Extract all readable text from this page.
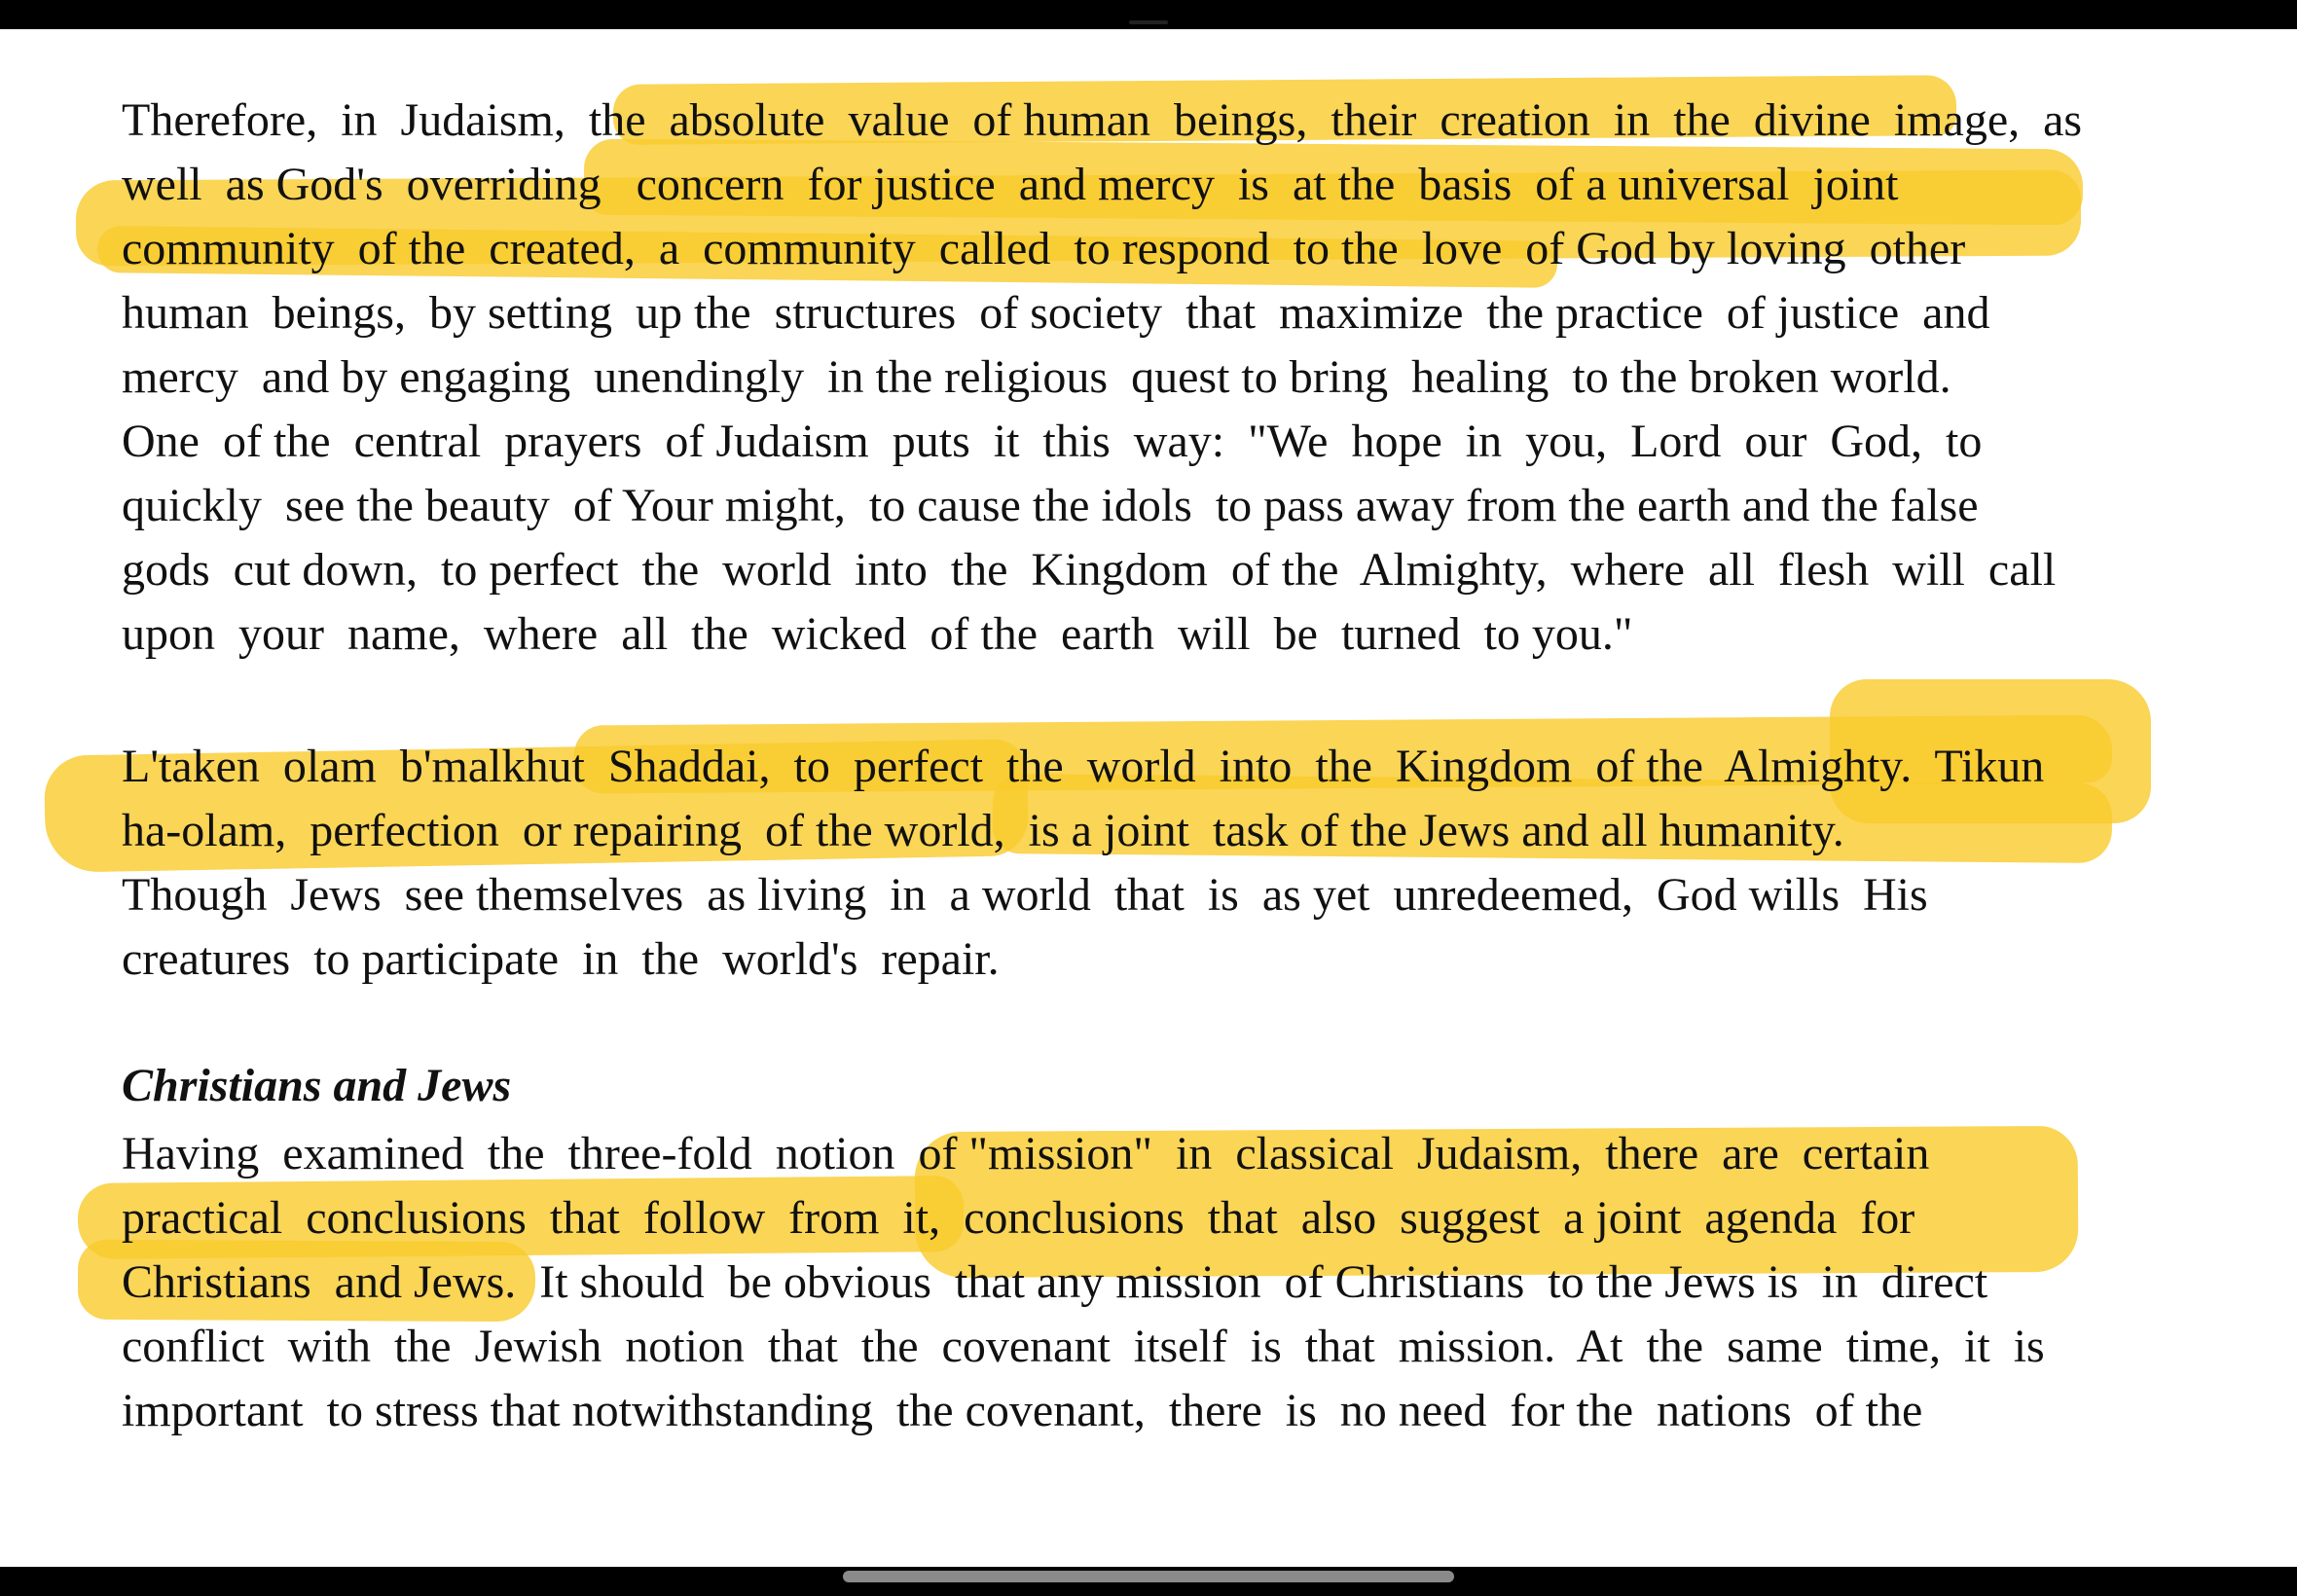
Therefore,  in  Judaism,  the  absolute  value  of human  beings,  their  creation  in  the  divine  image,  as

well  as God's  overriding   concern  for justice  and mercy  is  at the  basis  of a universal  joint

community  of the  created,  a  community  called  to respond  to the  love  of God by loving  other

human  beings,  by setting  up the  structures  of society  that  maximize  the practice  of justice  and

mercy  and by engaging  unendingly  in the religious  quest to bring  healing  to the broken world.

One  of the  central  prayers  of Judaism  puts  it  this  way:  "We  hope  in  you,  Lord  our  God,  to

quickly  see the beauty  of Your might,  to cause the idols  to pass away from the earth and the false

gods  cut down,  to perfect  the  world  into  the  Kingdom  of the  Almighty,  where  all  flesh  will  call

upon  your  name,  where  all  the  wicked  of the  earth  will  be  turned  to you."

L'taken  olam  b'malkhut  Shaddai,  to  perfect  the  world  into  the  Kingdom  of the  Almighty.  Tikun

ha-olam,  perfection  or repairing  of the world,  is a joint  task of the Jews and all humanity.

Though  Jews  see themselves  as living  in  a world  that  is  as yet  unredeemed,  God wills  His

creatures  to participate  in  the  world's  repair.

Christians and Jews

Having  examined  the  three-fold  notion  of "mission"  in  classical  Judaism,  there  are  certain

practical  conclusions  that  follow  from  it,  conclusions  that  also  suggest  a joint  agenda  for

Christians  and Jews.  It should  be obvious  that any mission  of Christians  to the Jews is  in  direct

conflict  with  the  Jewish  notion  that  the  covenant  itself  is  that  mission.  At  the  same  time,  it  is

important  to stress that notwithstanding  the covenant,  there  is  no need  for the  nations  of the
